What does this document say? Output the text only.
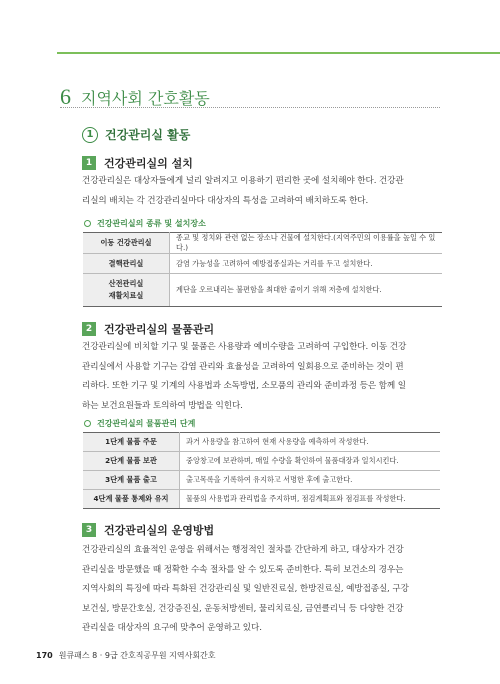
6 지역사회 간호활동
1 건강관리실 활동
1	건강관리실의 설치

건강관리실은 대상자들에게 널리 알려지고 이용하기 편리한 곳에 설치해야 한다. 건강관
리실의 배치는 각 건강관리실마다 대상자의 특성을 고려하여 배치하도록 한다.

건강관리실의 종류 및 설치장소
이동 건강관리실	종교 및 정치와 관련 없는 장소나 건물에 설치한다.(지역주민의 이용률을 높일 수 있다.)
결핵관리실	감염 가능성을 고려하여 예방접종실과는 거리를 두고 설치한다.
산전관리실
재활치료실	계단을 오르내리는 불편함을 최대한 줄이기 위해 저층에 설치한다.
2	건강관리실의 물품관리

건강관리실에 비치할 기구 및 물품은 사용량과 예비수량을 고려하여 구입한다. 이동 건강
관리실에서 사용할 기구는 감염 관리와 효율성을 고려하여 일회용으로 준비하는 것이 편
리하다. 또한 기구 및 기계의 사용법과 소독방법, 소모품의 관리와 준비과정 등은 함께 일
하는 보건요원들과 토의하여 방법을 익힌다.

건강관리실의 물품관리 단계
1단계 물품 주문	과거 사용량을 참고하여 현재 사용량을 예측하여 작성한다.
2단계 물품 보관	중앙창고에 보관하며, 매일 수량을 확인하여 물품대장과 일치시킨다.
3단계 물품 출고	출고목록을 기록하여 유지하고 서명한 후에 출고한다.
4단계 물품 통제와 유지	물품의 사용법과 관리법을 주지하며, 점검계획표와 점검표를 작성한다.
3	건강관리실의 운영방법

건강관리실의 효율적인 운영을 위해서는 행정적인 절차를 간단하게 하고, 대상자가 건강
관리실을 방문했을 때 정확한 수속 절차를 알 수 있도록 준비한다. 특히 보건소의 경우는
지역사회의 특징에 따라 특화된 건강관리실 및 일반진료실, 한방진료실, 예방접종실, 구강
보건실, 방문간호실, 건강증진실, 운동처방센터, 물리치료실, 금연클리닉 등 다양한 건강
관리실을 대상자의 요구에 맞추어 운영하고 있다.

170 원큐패스 8 · 9급 간호직공무원 지역사회간호
